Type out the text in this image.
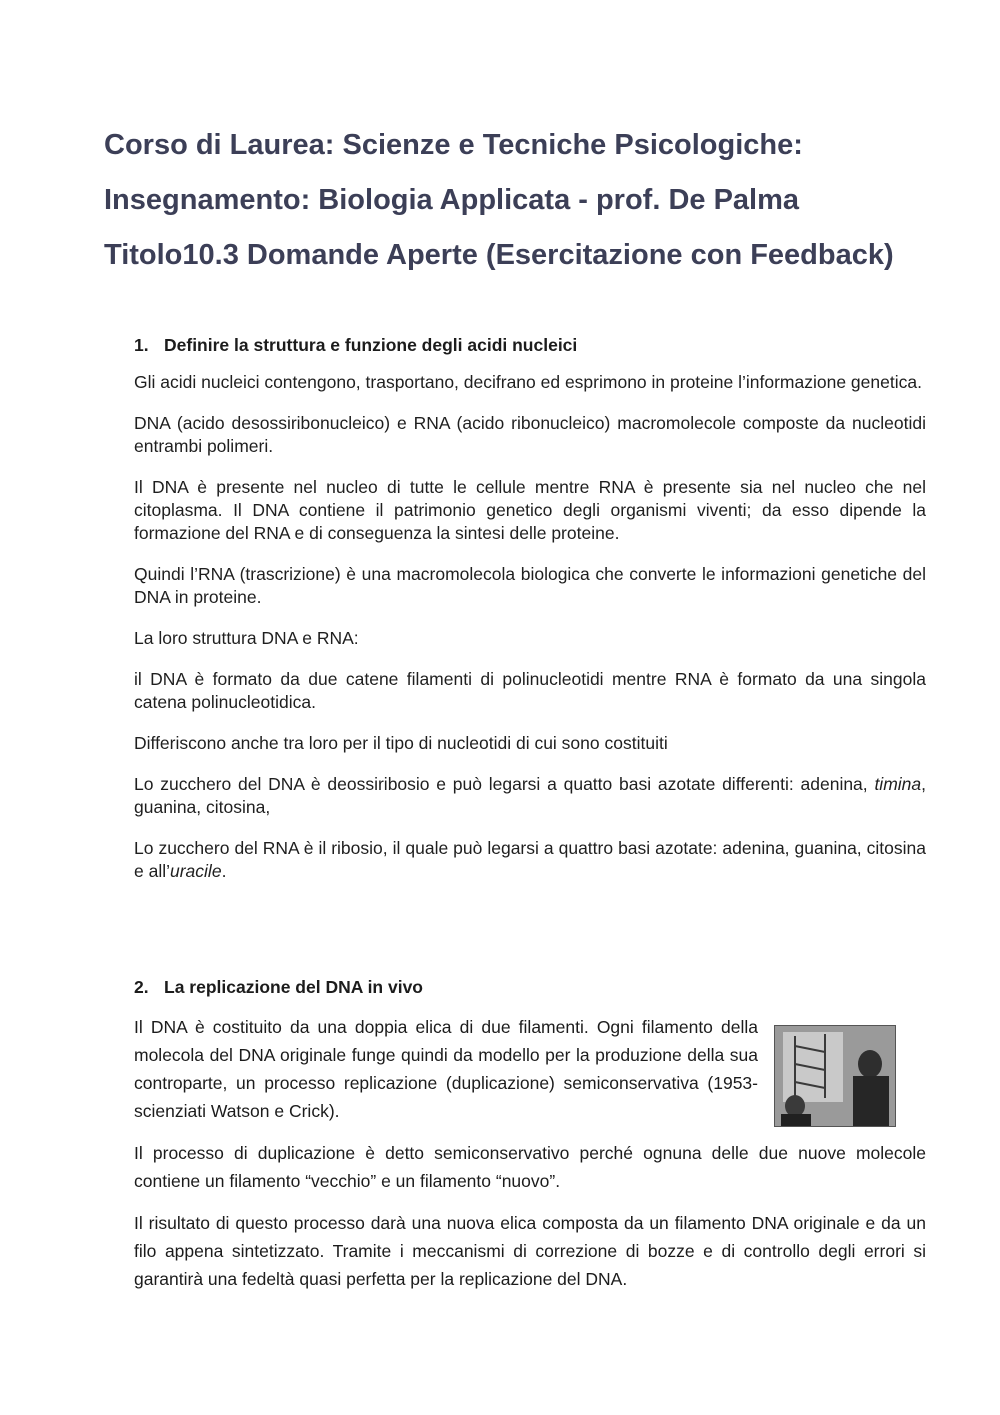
Corso di Laurea: Scienze e Tecniche Psicologiche:
Insegnamento: Biologia Applicata - prof. De Palma
Titolo10.3 Domande Aperte (Esercitazione con Feedback)
1. Definire la struttura e funzione degli acidi nucleici

Gli acidi nucleici contengono, trasportano, decifrano ed esprimono in proteine l’informazione genetica.

DNA (acido desossiribonucleico) e RNA (acido ribonucleico) macromolecole composte da nucleotidi entrambi polimeri.

Il DNA è presente nel nucleo di tutte le cellule mentre RNA è presente sia nel nucleo che nel citoplasma. Il DNA contiene il patrimonio genetico degli organismi viventi; da esso dipende la formazione del RNA e di conseguenza la sintesi delle proteine.

Quindi l’RNA (trascrizione) è una macromolecola biologica che converte le informazioni genetiche del DNA in proteine.

La loro struttura DNA e RNA:

il DNA è formato da due catene filamenti di polinucleotidi mentre RNA è formato da una singola catena polinucleotidica.

Differiscono anche tra loro per il tipo di nucleotidi di cui sono costituiti

Lo zucchero del DNA è deossiribosio e può legarsi a quatto basi azotate differenti: adenina, timina, guanina, citosina,

Lo zucchero del RNA è il ribosio, il quale può legarsi a quattro basi azotate: adenina, guanina, citosina e all’uracile.

2. La replicazione del DNA in vivo

Il DNA è costituito da una doppia elica di due filamenti. Ogni filamento della molecola del DNA originale funge quindi da modello per la produzione della sua controparte, un processo replicazione (duplicazione) semiconservativa (1953- scienziati Watson e Crick).

Il processo di duplicazione è detto semiconservativo perché ognuna delle due nuove molecole contiene un filamento “vecchio” e un filamento “nuovo”.

Il risultato di questo processo darà una nuova elica composta da un filamento DNA originale e da un filo appena sintetizzato. Tramite i meccanismi di correzione di bozze e di controllo degli errori si garantirà una fedeltà quasi perfetta per la replicazione del DNA.
